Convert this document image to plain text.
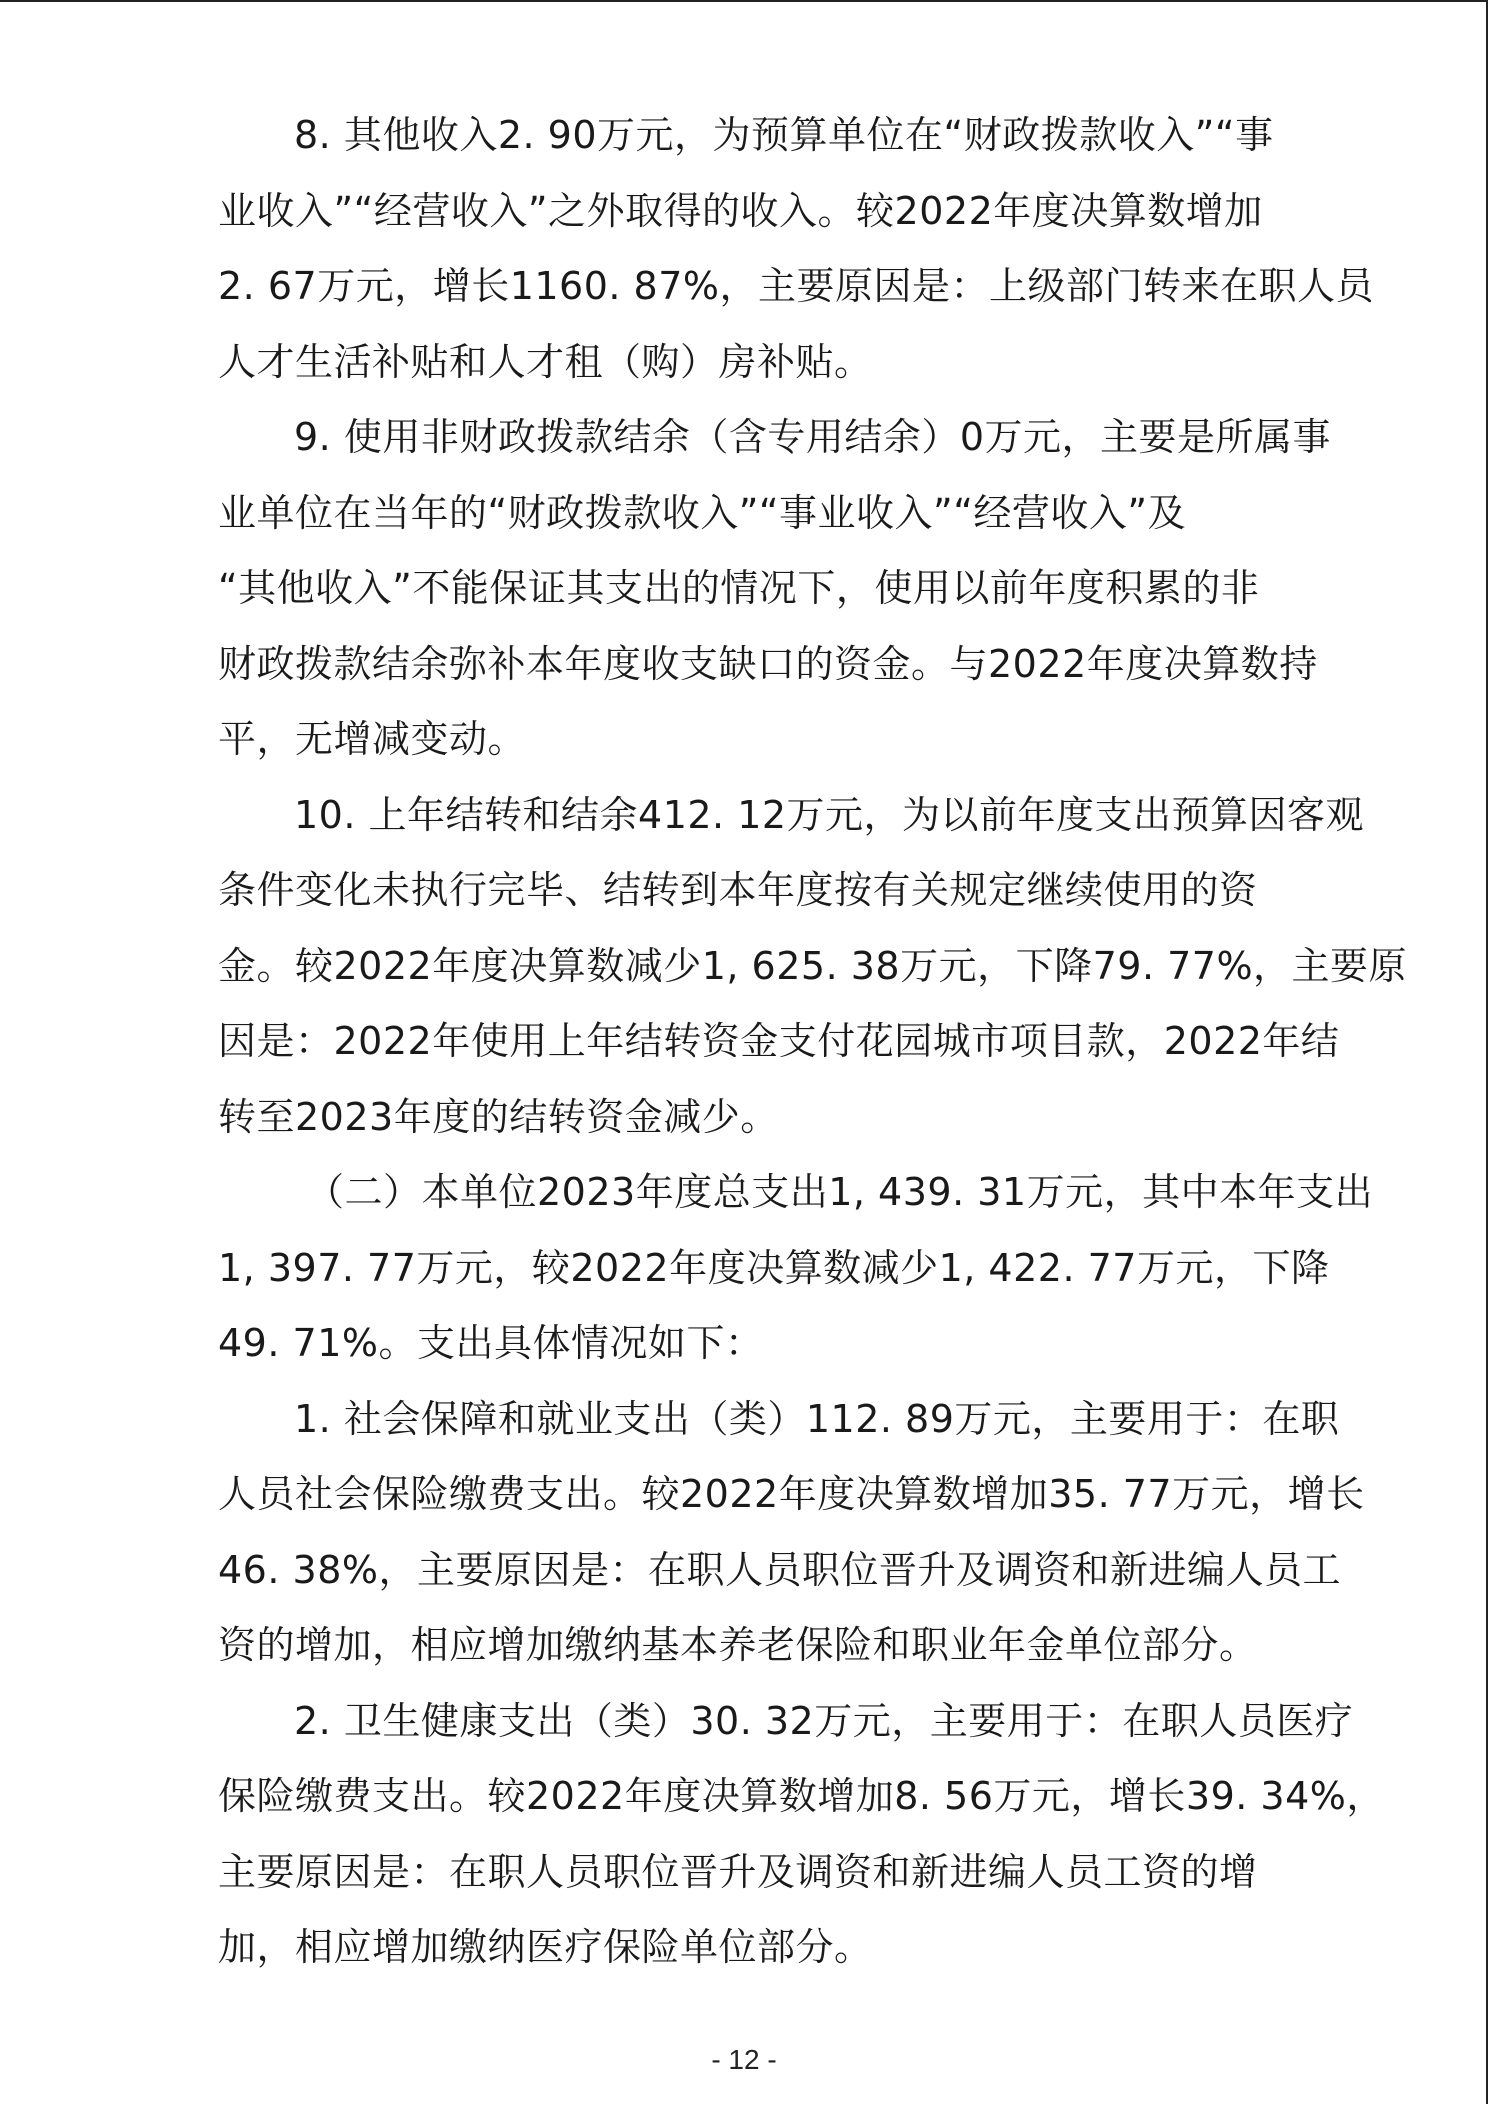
8. 其他收入2. 90万元，为预算单位在“财政拨款收入”“事
业收入”“经营收入”之外取得的收入。较2022年度决算数增加
2. 67万元，增长1160. 87%，主要原因是：上级部门转来在职人员
人才生活补贴和人才租（购）房补贴。
9. 使用非财政拨款结余（含专用结余）0万元，主要是所属事
业单位在当年的“财政拨款收入”“事业收入”“经营收入”及
“其他收入”不能保证其支出的情况下，使用以前年度积累的非
财政拨款结余弥补本年度收支缺口的资金。与2022年度决算数持
平，无增减变动。
10. 上年结转和结余412. 12万元，为以前年度支出预算因客观
条件变化未执行完毕、结转到本年度按有关规定继续使用的资
金。较2022年度决算数减少1, 625. 38万元，下降79. 77%，主要原
因是：2022年使用上年结转资金支付花园城市项目款，2022年结
转至2023年度的结转资金减少。
（二）本单位2023年度总支出1, 439. 31万元，其中本年支出
1, 397. 77万元，较2022年度决算数减少1, 422. 77万元，下降
49. 71%。支出具体情况如下：
1. 社会保障和就业支出（类）112. 89万元，主要用于：在职
人员社会保险缴费支出。较2022年度决算数增加35. 77万元，增长
46. 38%，主要原因是：在职人员职位晋升及调资和新进编人员工
资的增加，相应增加缴纳基本养老保险和职业年金单位部分。
2. 卫生健康支出（类）30. 32万元，主要用于：在职人员医疗
保险缴费支出。较2022年度决算数增加8. 56万元，增长39. 34%，
主要原因是：在职人员职位晋升及调资和新进编人员工资的增
加，相应增加缴纳医疗保险单位部分。
- 12 -
